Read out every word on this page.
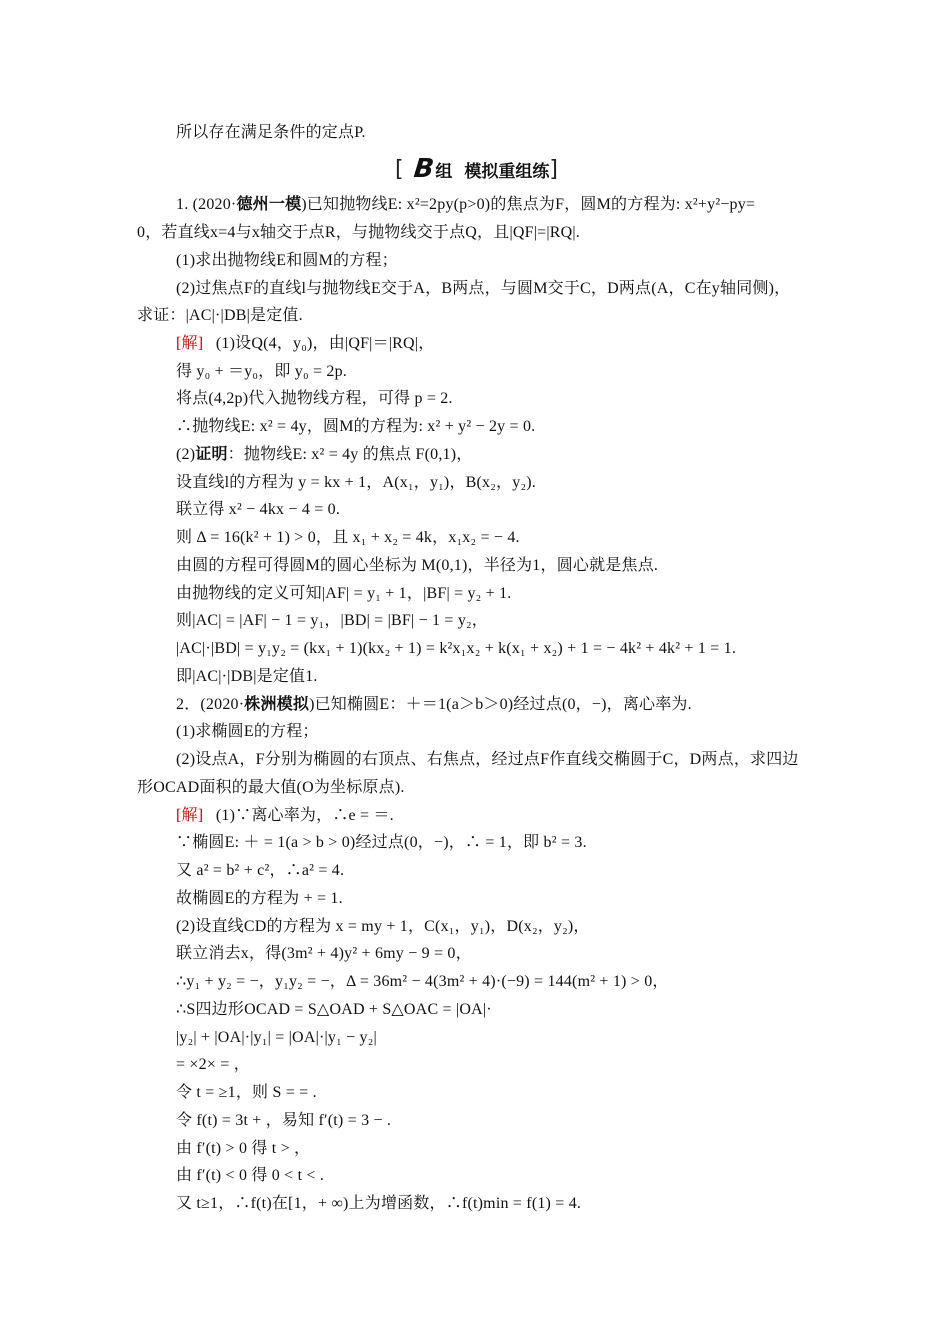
所以存在满足条件的定点P.
[ B 组 模拟重组练 ]
1. (2020·德州一模)已知抛物线E: x²=2py(p>0)的焦点为F，圆M的方程为: x²+y²−py=
0，若直线x=4与x轴交于点R，与抛物线交于点Q，且|QF|=|RQ|.
(1)求出抛物线E和圆M的方程；
(2)过焦点F的直线l与抛物线E交于A，B两点，与圆M交于C，D两点(A，C在y轴同侧)，
求证：|AC|·|DB|是定值.
[解] (1)设Q(4，y₀)，由|QF|＝|RQ|，
得 y₀ + ＝y₀，即 y₀ = 2p.
将点(4,2p)代入抛物线方程，可得 p = 2.
∴抛物线E: x² = 4y，圆M的方程为: x² + y² − 2y = 0.
(2)证明：抛物线E: x² = 4y 的焦点 F(0,1)，
设直线l的方程为 y = kx + 1，A(x₁，y₁)，B(x₂，y₂).
联立得 x² − 4kx − 4 = 0.
则 Δ = 16(k² + 1) > 0，且 x₁ + x₂ = 4k，x₁x₂ = − 4.
由圆的方程可得圆M的圆心坐标为 M(0,1)，半径为1，圆心就是焦点.
由抛物线的定义可知|AF| = y₁ + 1，|BF| = y₂ + 1.
则|AC| = |AF| − 1 = y₁，|BD| = |BF| − 1 = y₂，
|AC|·|BD| = y₁y₂ = (kx₁ + 1)(kx₂ + 1) = k²x₁x₂ + k(x₁ + x₂) + 1 = − 4k² + 4k² + 1 = 1.
即|AC|·|DB|是定值1.
2．(2020·株洲模拟)已知椭圆E：＋＝1(a＞b＞0)经过点(0，−)，离心率为.
(1)求椭圆E的方程；
(2)设点A，F分别为椭圆的右顶点、右焦点，经过点F作直线交椭圆于C，D两点，求四边
形OCAD面积的最大值(O为坐标原点).
[解] (1)∵离心率为，∴e = ＝.
∵椭圆E: ＋ = 1(a > b > 0)经过点(0，−)，∴ = 1，即 b² = 3.
又 a² = b² + c²，∴a² = 4.
故椭圆E的方程为 + = 1.
(2)设直线CD的方程为 x = my + 1，C(x₁，y₁)，D(x₂，y₂)，
联立消去x，得(3m² + 4)y² + 6my − 9 = 0，
∴y₁ + y₂ = −，y₁y₂ = −，Δ = 36m² − 4(3m² + 4)·(−9) = 144(m² + 1) > 0，
∴S四边形OCAD = S△OAD + S△OAC = |OA|·
|y₂| + |OA|·|y₁| = |OA|·|y₁ − y₂|
= ×2× = ，
令 t = ≥1，则 S = = .
令 f(t) = 3t + ，易知 f′(t) = 3 − .
由 f′(t) > 0 得 t > ，
由 f′(t) < 0 得 0 < t < .
又 t≥1，∴f(t)在[1，+ ∞)上为增函数，∴f(t)min = f(1) = 4.
